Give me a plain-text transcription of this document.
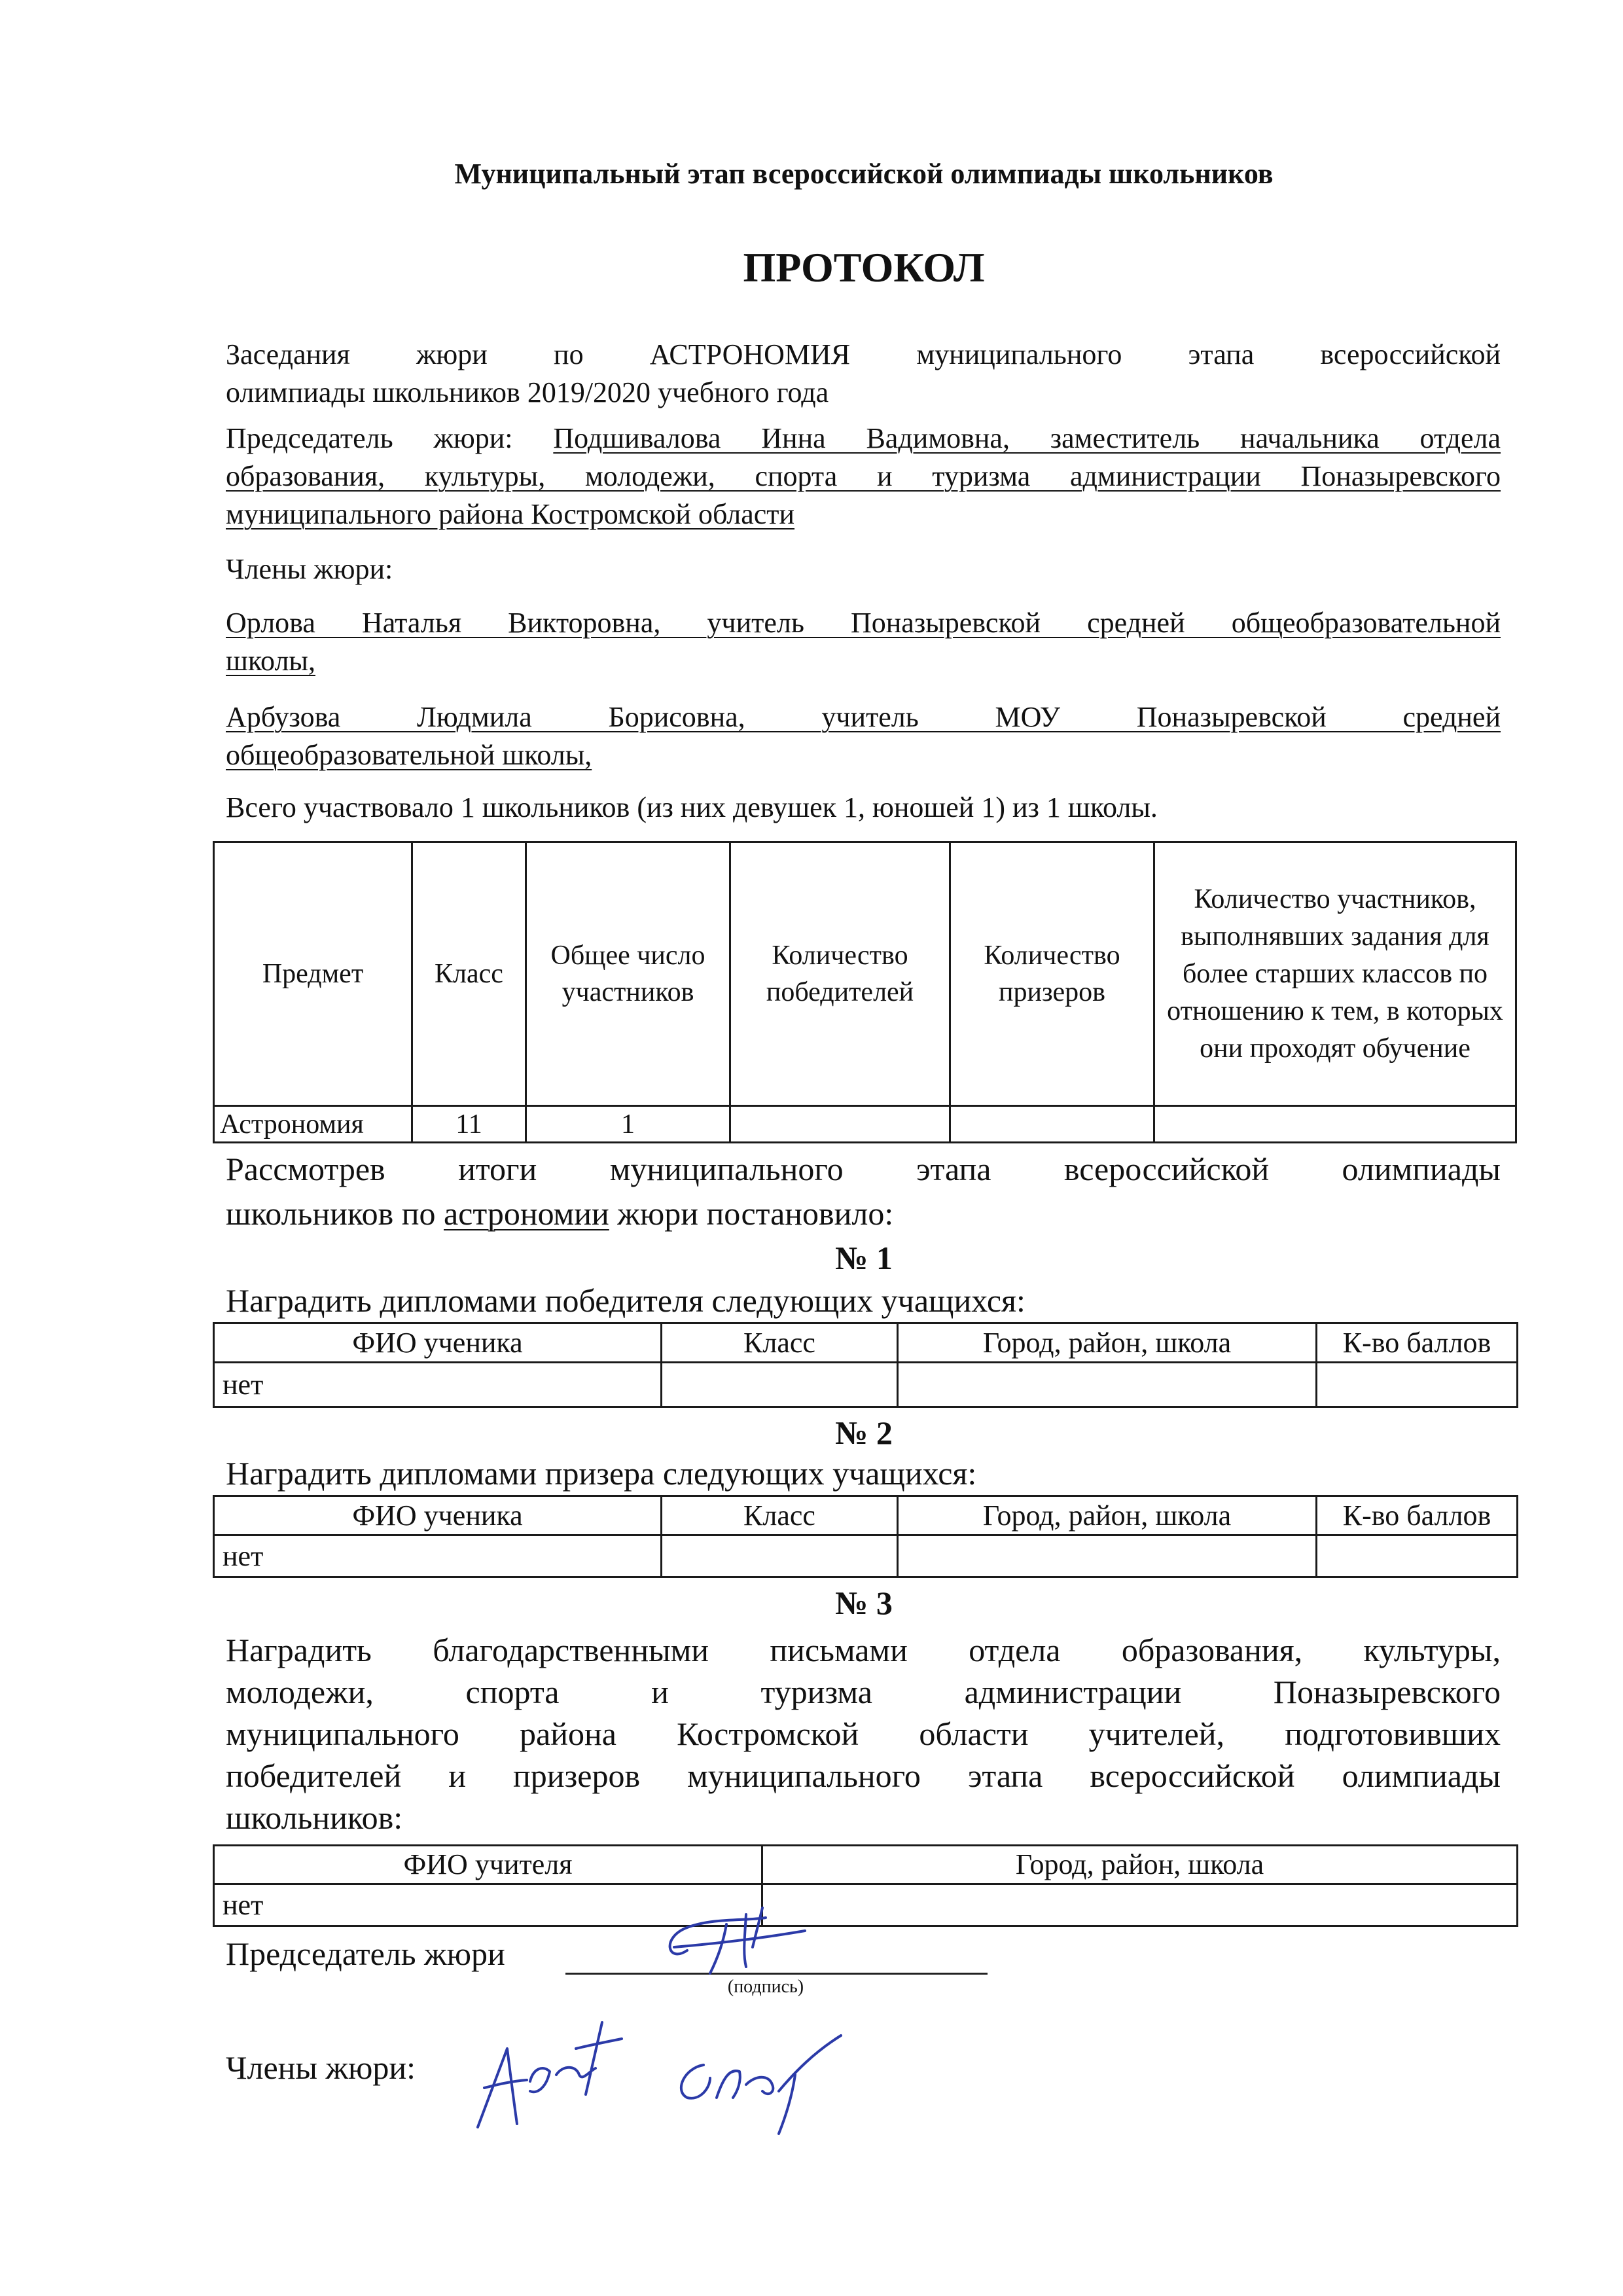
Муниципальный этап всероссийской олимпиады школьников
ПРОТОКОЛ
Заседания жюри по АСТРОНОМИЯ муниципального этапа всероссийской
олимпиады школьников 2019/2020 учебного года
Председатель жюри: Подшивалова Инна Вадимовна, заместитель начальника отдела
образования, культуры, молодежи, спорта и туризма администрации Поназыревского
муниципального района Костромской области
Члены жюри:
Орлова Наталья Викторовна, учитель Поназыревской средней общеобразовательной
школы,
Арбузова Людмила Борисовна, учитель МОУ Поназыревской средней
общеобразовательной школы,
Всего участвовало 1 школьников (из них девушек 1, юношей 1) из 1 школы.
Предмет	Класс	Общее число участников	Количество победителей	Количество призеров	Количество участников, выполнявших задания для более старших классов по отношению к тем, в которых они проходят обучение
Астрономия	11	1			
Рассмотрев итоги муниципального этапа всероссийской олимпиады
школьников по астрономии жюри постановило:
№ 1
Наградить дипломами победителя следующих учащихся:
ФИО ученика	Класс	Город, район, школа	К-во баллов
нет			
№ 2
Наградить дипломами призера следующих учащихся:
ФИО ученика	Класс	Город, район, школа	К-во баллов
нет			
№ 3
Наградить благодарственными письмами отдела образования, культуры,
молодежи, спорта и туризма администрации Поназыревского
муниципального района Костромской области учителей, подготовивших
победителей и призеров муниципального этапа всероссийской олимпиады
школьников:
ФИО учителя	Город, район, школа
нет	
Председатель жюри
(подпись)
Члены жюри:
